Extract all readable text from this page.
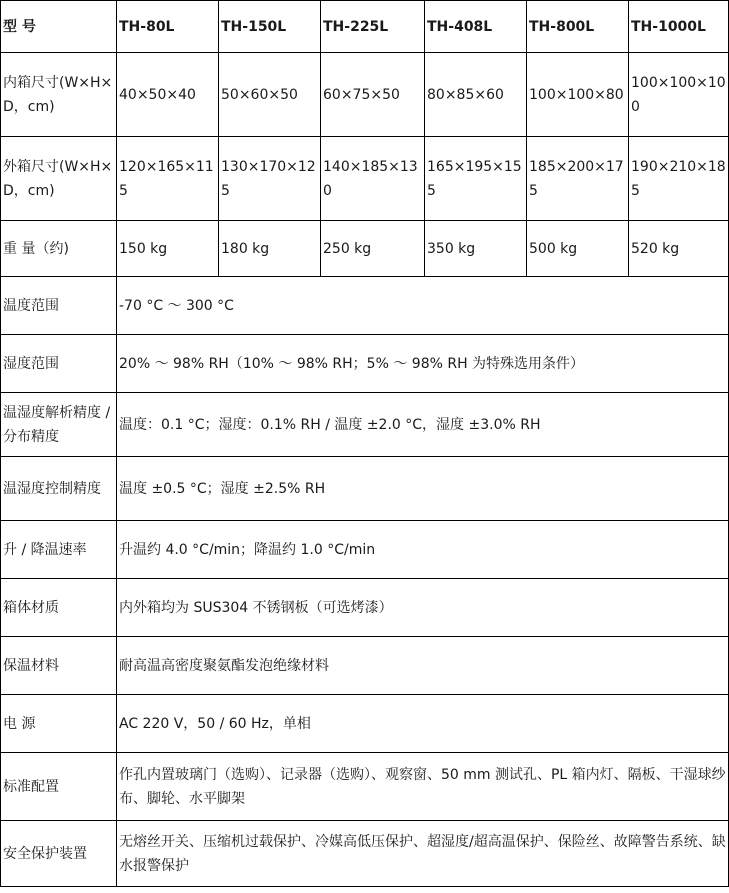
型 号	TH-80L	TH-150L	TH-225L	TH-408L	TH-800L	TH-1000L
内箱尺寸(W×H×D，cm)	40×50×40	50×60×50	60×75×50	80×85×60	100×100×80	100×100×100
外箱尺寸(W×H×D，cm)	120×165×115	130×170×125	140×185×130	165×195×155	185×200×175	190×210×185
重 量（约)	150 kg	180 kg	250 kg	350 kg	500 kg	520 kg
温度范围	-70 °C ～ 300 °C					
湿度范围	20% ～ 98% RH（10% ～ 98% RH；5% ～ 98% RH 为特殊选用条件）					
温湿度解析精度 / 分布精度	温度：0.1 °C；湿度：0.1% RH / 温度 ±2.0 °C，湿度 ±3.0% RH					
温湿度控制精度	温度 ±0.5 °C；湿度 ±2.5% RH					
升 / 降温速率	升温约 4.0 °C/min；降温约 1.0 °C/min					
箱体材质	内外箱均为 SUS304 不锈钢板（可选烤漆）					
保温材料	耐高温高密度聚氨酯发泡绝缘材料					
电 源	AC 220 V，50 / 60 Hz，单相					
标准配置	作孔内置玻璃门（选购）、记录器（选购）、观察窗、50 mm 测试孔、PL 箱内灯、隔板、干湿球纱布、脚轮、水平脚架					
安全保护装置	无熔丝开关、压缩机过载保护、冷媒高低压保护、超湿度/超高温保护、保险丝、故障警告系统、缺水报警保护					
